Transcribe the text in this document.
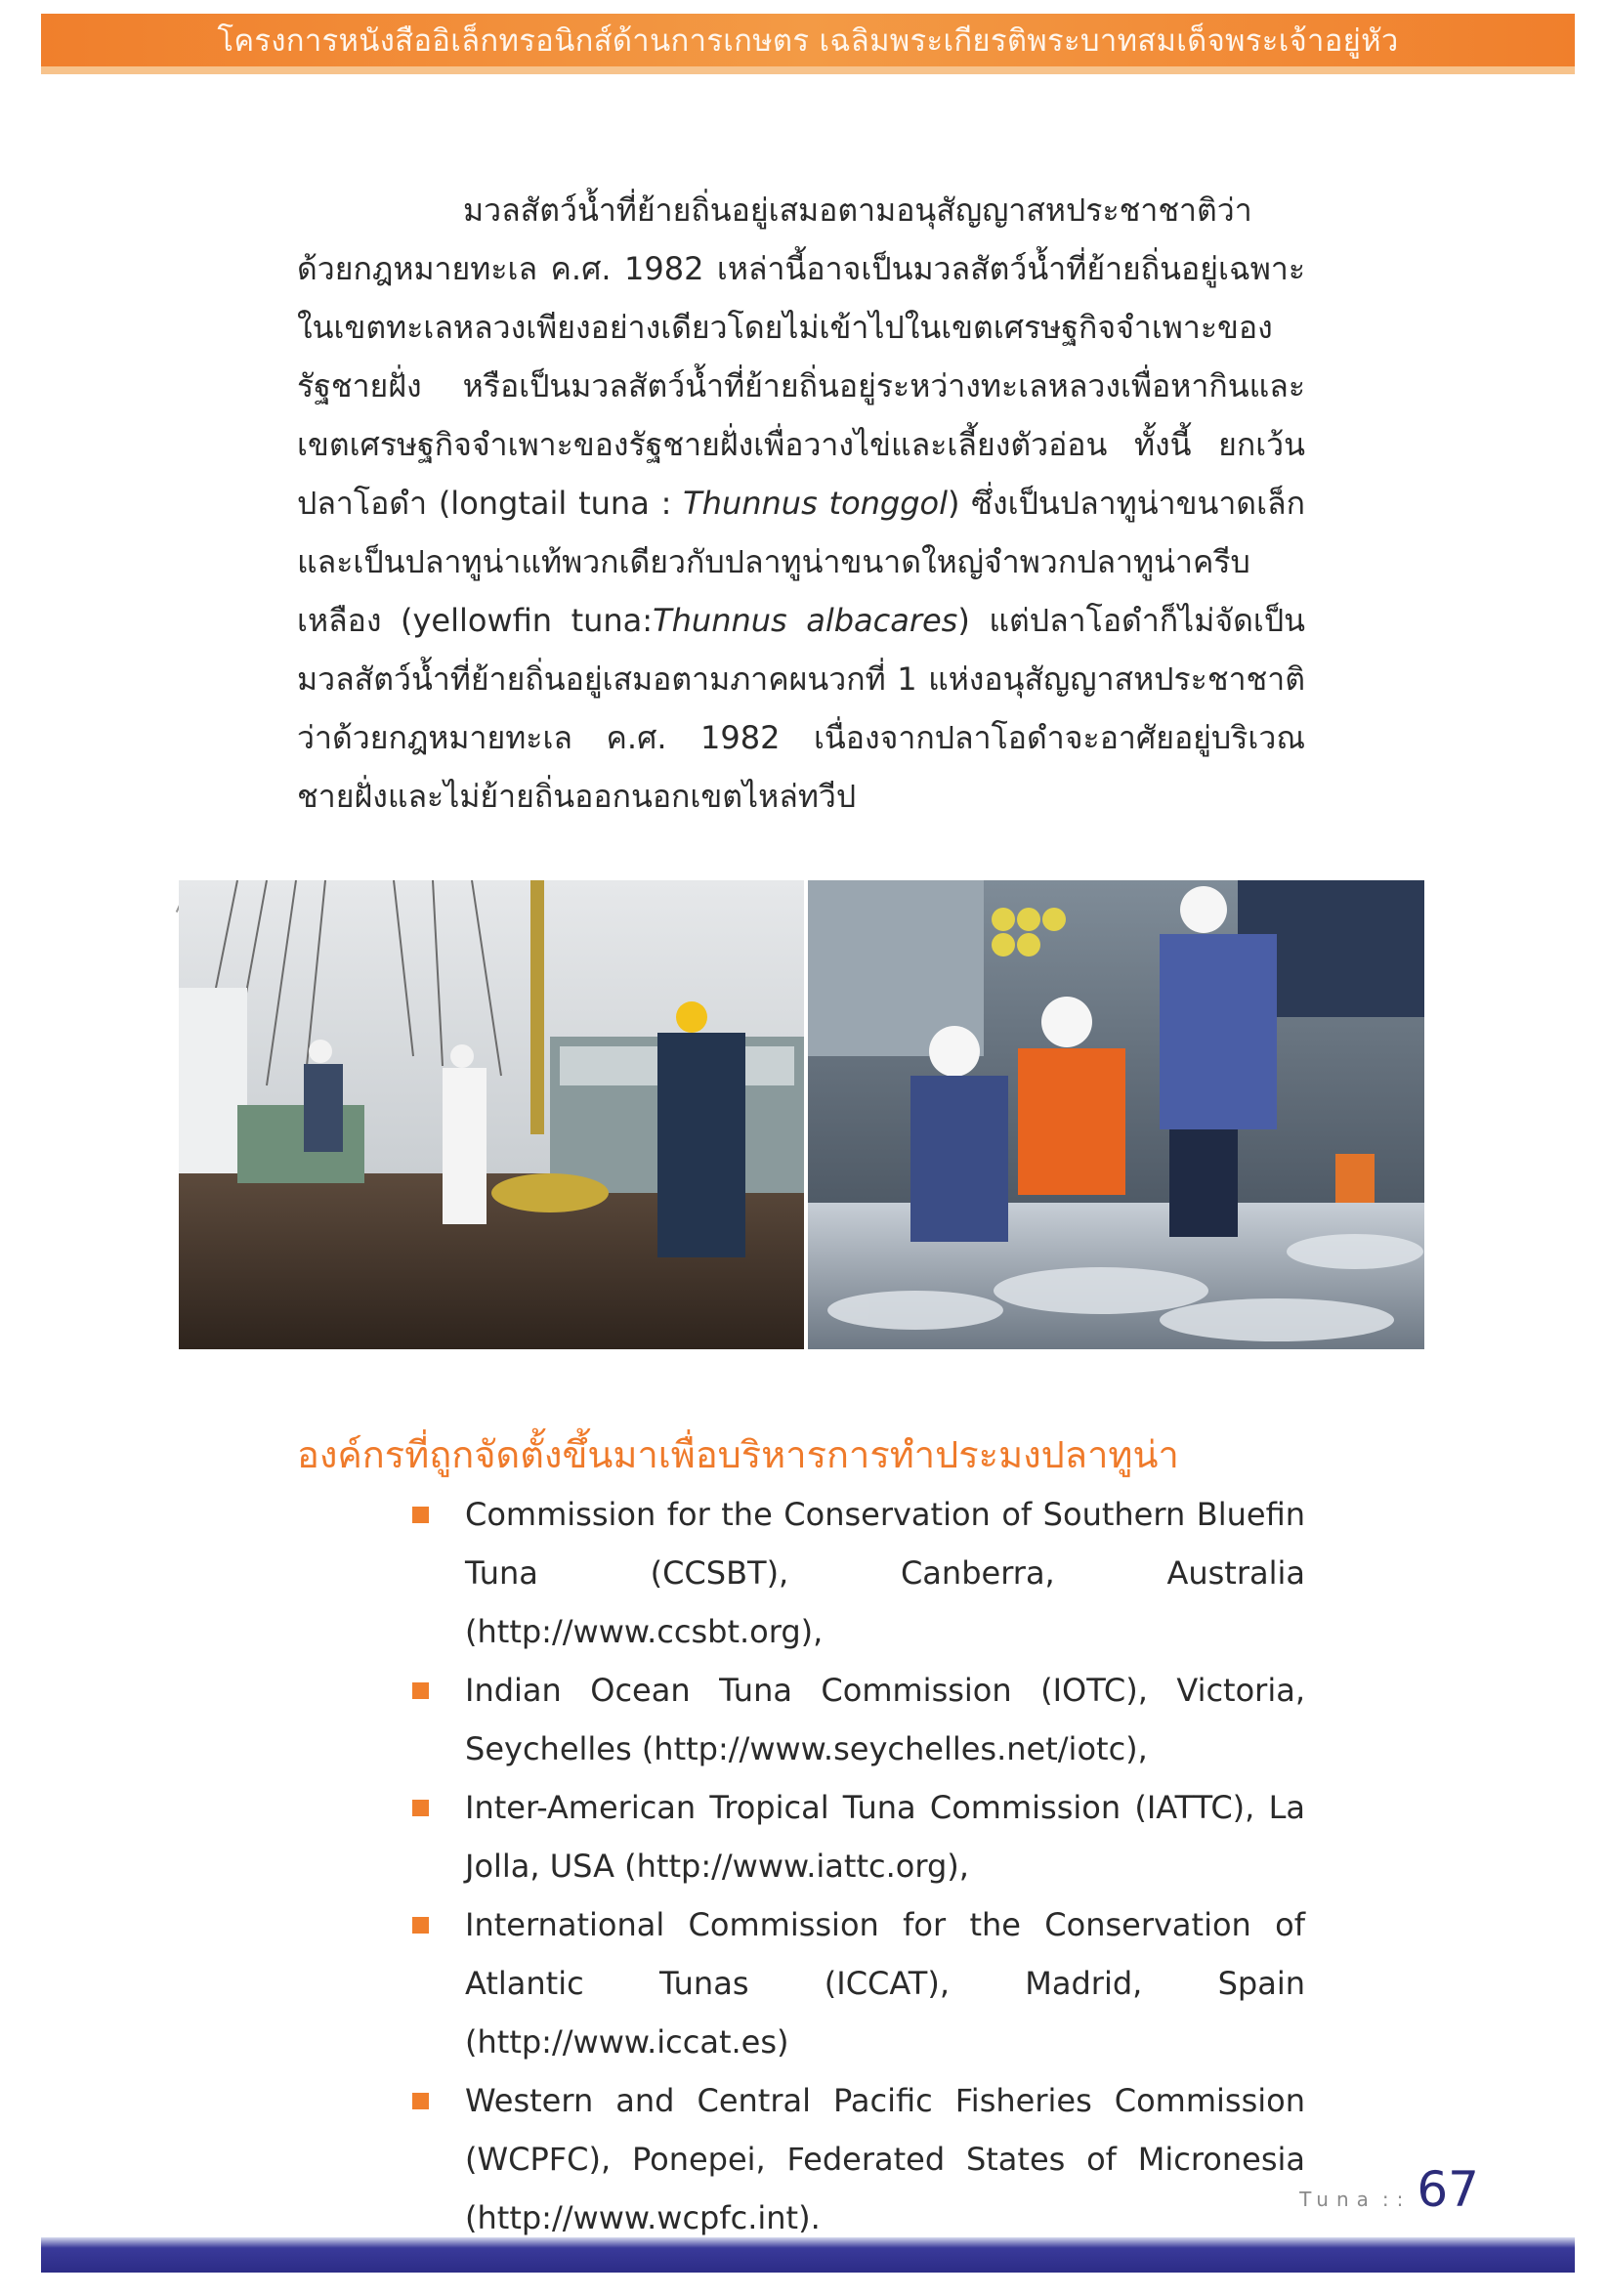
โครงการหนังสืออิเล็กทรอนิกส์ด้านการเกษตร เฉลิมพระเกียรติพระบาทสมเด็จพระเจ้าอยู่หัว

มวลสัตว์น้ำที่ย้ายถิ่นอยู่เสมอตามอนุสัญญาสหประชาชาติว่าด้วยกฎหมายทะเล ค.ศ. 1982 เหล่านี้อาจเป็นมวลสัตว์น้ำที่ย้ายถิ่นอยู่เฉพาะในเขตทะเลหลวงเพียงอย่างเดียวโดยไม่เข้าไปในเขตเศรษฐกิจจำเพาะของรัฐชายฝั่ง หรือเป็นมวลสัตว์น้ำที่ย้ายถิ่นอยู่ระหว่างทะเลหลวงเพื่อหากินและเขตเศรษฐกิจจำเพาะของรัฐชายฝั่งเพื่อวางไข่และเลี้ยงตัวอ่อน ทั้งนี้ ยกเว้นปลาโอดำ (longtail tuna : Thunnus tonggol) ซึ่งเป็นปลาทูน่าขนาดเล็กและเป็นปลาทูน่าแท้พวกเดียวกับปลาทูน่าขนาดใหญ่จำพวกปลาทูน่าครีบเหลือง (yellowfin tuna:Thunnus albacares) แต่ปลาโอดำก็ไม่จัดเป็นมวลสัตว์น้ำที่ย้ายถิ่นอยู่เสมอตามภาคผนวกที่ 1 แห่งอนุสัญญาสหประชาชาติว่าด้วยกฎหมายทะเล ค.ศ. 1982 เนื่องจากปลาโอดำจะอาศัยอยู่บริเวณชายฝั่งและไม่ย้ายถิ่นออกนอกเขตไหล่ทวีป

องค์กรที่ถูกจัดตั้งขึ้นมาเพื่อบริหารการทำประมงปลาทูน่า
Commission for the Conservation of Southern Bluefin Tuna (CCSBT), Canberra, Australia (http://www.ccsbt.org),
Indian Ocean Tuna Commission (IOTC), Victoria, Seychelles (http://www.seychelles.net/iotc),
Inter-American Tropical Tuna Commission (IATTC), La Jolla, USA (http://www.iattc.org),
International Commission for the Conservation of Atlantic Tunas (ICCAT), Madrid, Spain (http://www.iccat.es)
Western and Central Pacific Fisheries Commission (WCPFC), Ponepei, Federated States of Micronesia (http://www.wcpfc.int).	Tuna :: 67
